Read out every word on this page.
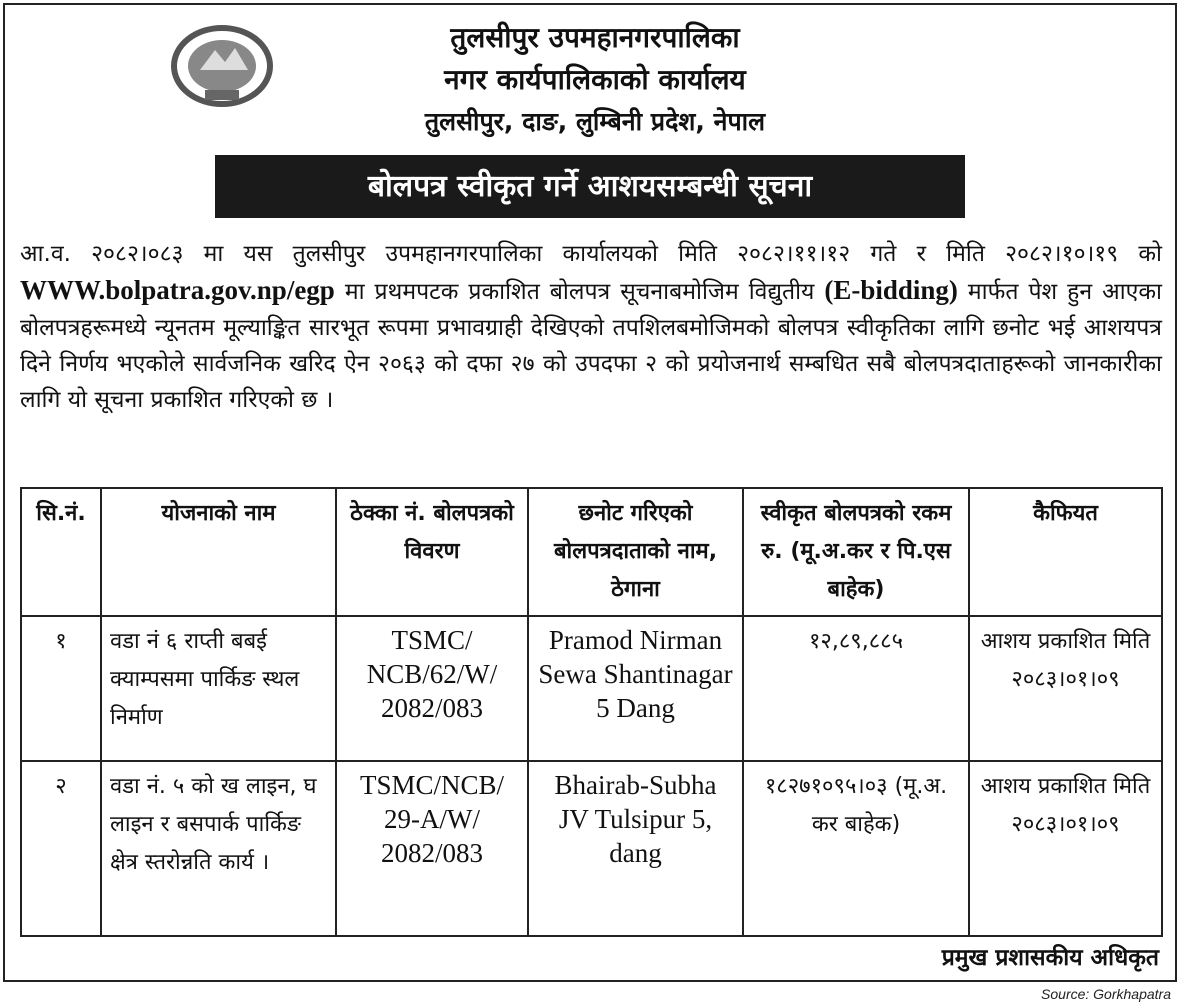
तुलसीपुर उपमहानगरपालिका
नगर कार्यपालिकाको कार्यालय
तुलसीपुर, दाङ, लुम्बिनी प्रदेश, नेपाल
बोलपत्र स्वीकृत गर्ने आशयसम्बन्धी सूचना
आ.व. २०८२।०८३ मा यस तुलसीपुर उपमहानगरपालिका कार्यालयको मिति २०८२।११।१२ गते र मिति २०८२।१०।१९ को WWW.bolpatra.gov.np/egp मा प्रथमपटक प्रकाशित बोलपत्र सूचनाबमोजिम विद्युतीय (E-bidding) मार्फत पेश हुन आएका बोलपत्रहरूमध्ये न्यूनतम मूल्याङ्कित सारभूत रूपमा प्रभावग्राही देखिएको तपशिलबमोजिमको बोलपत्र स्वीकृतिका लागि छनोट भई आशयपत्र दिने निर्णय भएकोले सार्वजनिक खरिद ऐन २०६३ को दफा २७ को उपदफा २ को प्रयोजनार्थ सम्बधित सबै बोलपत्रदाताहरूको जानकारीका लागि यो सूचना प्रकाशित गरिएको छ ।
सि.नं.	योजनाको नाम	ठेक्का नं. बोलपत्रको विवरण	छनोट गरिएको बोलपत्रदाताको नाम, ठेगाना	स्वीकृत बोलपत्रको रकम रु. (मू.अ.कर र पि.एस बाहेक)	कैफियत
१	वडा नं ६ राप्ती बबई क्याम्पसमा पार्किङ स्थल निर्माण	TSMC/ NCB/62/W/ 2082/083	Pramod Nirman Sewa Shantinagar 5 Dang	१२,८९,८८५	आशय प्रकाशित मिति २०८३।०१।०९
२	वडा नं. ५ को ख लाइन, घ लाइन र बसपार्क पार्किङ क्षेत्र स्तरोन्नति कार्य ।	TSMC/NCB/ 29-A/W/ 2082/083	Bhairab-Subha JV Tulsipur 5, dang	१८२७१०९५।०३ (मू.अ. कर बाहेक)	आशय प्रकाशित मिति २०८३।०१।०९
प्रमुख प्रशासकीय अधिकृत
Source: Gorkhapatra
